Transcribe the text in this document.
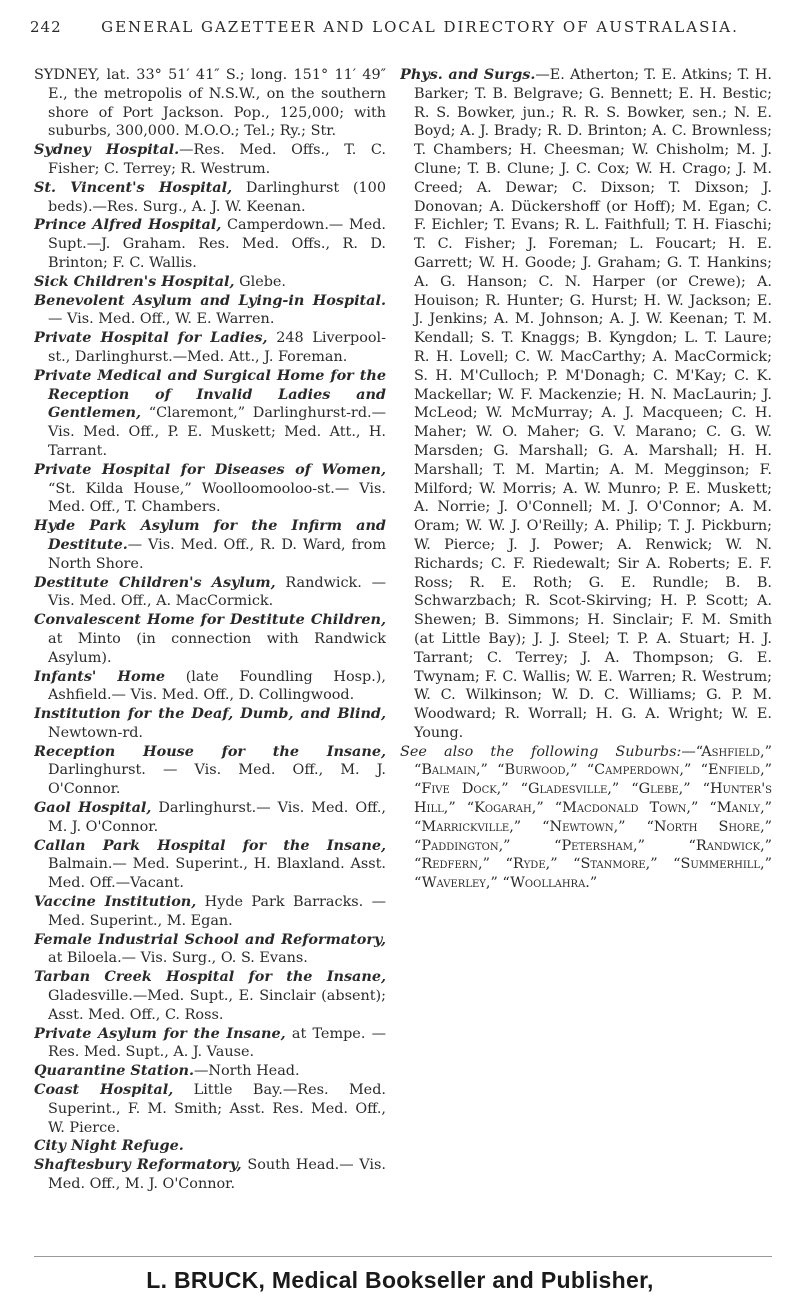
242	GENERAL GAZETTEER AND LOCAL DIRECTORY OF AUSTRALASIA.

SYDNEY, lat. 33° 51′ 41″ S.; long. 151° 11′ 49″ E., the metropolis of N.S.W., on the southern shore of Port Jackson. Pop., 125,000; with suburbs, 300,000. M.O.O.; Tel.; Ry.; Str.

Sydney Hospital.—Res. Med. Offs., T. C. Fisher; C. Terrey; R. Westrum.

St. Vincent's Hospital, Darlinghurst (100 beds).—Res. Surg., A. J. W. Keenan.

Prince Alfred Hospital, Camperdown.— Med. Supt.—J. Graham. Res. Med. Offs., R. D. Brinton; F. C. Wallis.

Sick Children's Hospital, Glebe.

Benevolent Asylum and Lying-in Hospital.— Vis. Med. Off., W. E. Warren.

Private Hospital for Ladies, 248 Liverpool-st., Darlinghurst.—Med. Att., J. Foreman.

Private Medical and Surgical Home for the Reception of Invalid Ladies and Gentlemen, “Claremont,” Darlinghurst-rd.— Vis. Med. Off., P. E. Muskett; Med. Att., H. Tarrant.

Private Hospital for Diseases of Women, “St. Kilda House,” Woolloomooloo-st.— Vis. Med. Off., T. Chambers.

Hyde Park Asylum for the Infirm and Destitute.— Vis. Med. Off., R. D. Ward, from North Shore.

Destitute Children's Asylum, Randwick. — Vis. Med. Off., A. MacCormick.

Convalescent Home for Destitute Children, at Minto (in connection with Randwick Asylum).

Infants' Home (late Foundling Hosp.), Ashfield.— Vis. Med. Off., D. Collingwood.

Institution for the Deaf, Dumb, and Blind, Newtown-rd.

Reception House for the Insane, Darlinghurst. — Vis. Med. Off., M. J. O'Connor.

Gaol Hospital, Darlinghurst.— Vis. Med. Off., M. J. O'Connor.

Callan Park Hospital for the Insane, Balmain.— Med. Superint., H. Blaxland. Asst. Med. Off.—Vacant.

Vaccine Institution, Hyde Park Barracks. —Med. Superint., M. Egan.

Female Industrial School and Reformatory, at Biloela.— Vis. Surg., O. S. Evans.

Tarban Creek Hospital for the Insane, Gladesville.—Med. Supt., E. Sinclair (absent); Asst. Med. Off., C. Ross.

Private Asylum for the Insane, at Tempe. —Res. Med. Supt., A. J. Vause.

Quarantine Station.—North Head.

Coast Hospital, Little Bay.—Res. Med. Superint., F. M. Smith; Asst. Res. Med. Off., W. Pierce.

City Night Refuge.

Shaftesbury Reformatory, South Head.— Vis. Med. Off., M. J. O'Connor.

Phys. and Surgs.—E. Atherton; T. E. Atkins; T. H. Barker; T. B. Belgrave; G. Bennett; E. H. Bestic; R. S. Bowker, jun.; R. R. S. Bowker, sen.; N. E. Boyd; A. J. Brady; R. D. Brinton; A. C. Brownless; T. Chambers; H. Cheesman; W. Chisholm; M. J. Clune; T. B. Clune; J. C. Cox; W. H. Crago; J. M. Creed; A. Dewar; C. Dixson; T. Dixson; J. Donovan; A. Dückershoff (or Hoff); M. Egan; C. F. Eichler; T. Evans; R. L. Faithfull; T. H. Fiaschi; T. C. Fisher; J. Foreman; L. Foucart; H. E. Garrett; W. H. Goode; J. Graham; G. T. Hankins; A. G. Hanson; C. N. Harper (or Crewe); A. Houison; R. Hunter; G. Hurst; H. W. Jackson; E. J. Jenkins; A. M. Johnson; A. J. W. Keenan; T. M. Kendall; S. T. Knaggs; B. Kyngdon; L. T. Laure; R. H. Lovell; C. W. MacCarthy; A. MacCormick; S. H. M'Culloch; P. M'Donagh; C. M'Kay; C. K. Mackellar; W. F. Mackenzie; H. N. MacLaurin; J. McLeod; W. McMurray; A. J. Macqueen; C. H. Maher; W. O. Maher; G. V. Marano; C. G. W. Marsden; G. Marshall; G. A. Marshall; H. H. Marshall; T. M. Martin; A. M. Megginson; F. Milford; W. Morris; A. W. Munro; P. E. Muskett; A. Norrie; J. O'Connell; M. J. O'Connor; A. M. Oram; W. W. J. O'Reilly; A. Philip; T. J. Pickburn; W. Pierce; J. J. Power; A. Renwick; W. N. Richards; C. F. Riedewalt; Sir A. Roberts; E. F. Ross; R. E. Roth; G. E. Rundle; B. B. Schwarzbach; R. Scot-Skirving; H. P. Scott; A. Shewen; B. Simmons; H. Sinclair; F. M. Smith (at Little Bay); J. J. Steel; T. P. A. Stuart; H. J. Tarrant; C. Terrey; J. A. Thompson; G. E. Twynam; F. C. Wallis; W. E. Warren; R. Westrum; W. C. Wilkinson; W. D. C. Williams; G. P. M. Woodward; R. Worrall; H. G. A. Wright; W. E. Young.

See also the following Suburbs:—“Ashfield,” “Balmain,” “Burwood,” “Camperdown,” “Enfield,” “Five Dock,” “Gladesville,” “Glebe,” “Hunter's Hill,” “Kogarah,” “Macdonald Town,” “Manly,” “Marrickville,” “Newtown,” “North Shore,” “Paddington,” “Petersham,” “Randwick,” “Redfern,” “Ryde,” “Stanmore,” “Summerhill,” “Waverley,” “Woollahra.”

L. BRUCK, Medical Bookseller and Publisher,
